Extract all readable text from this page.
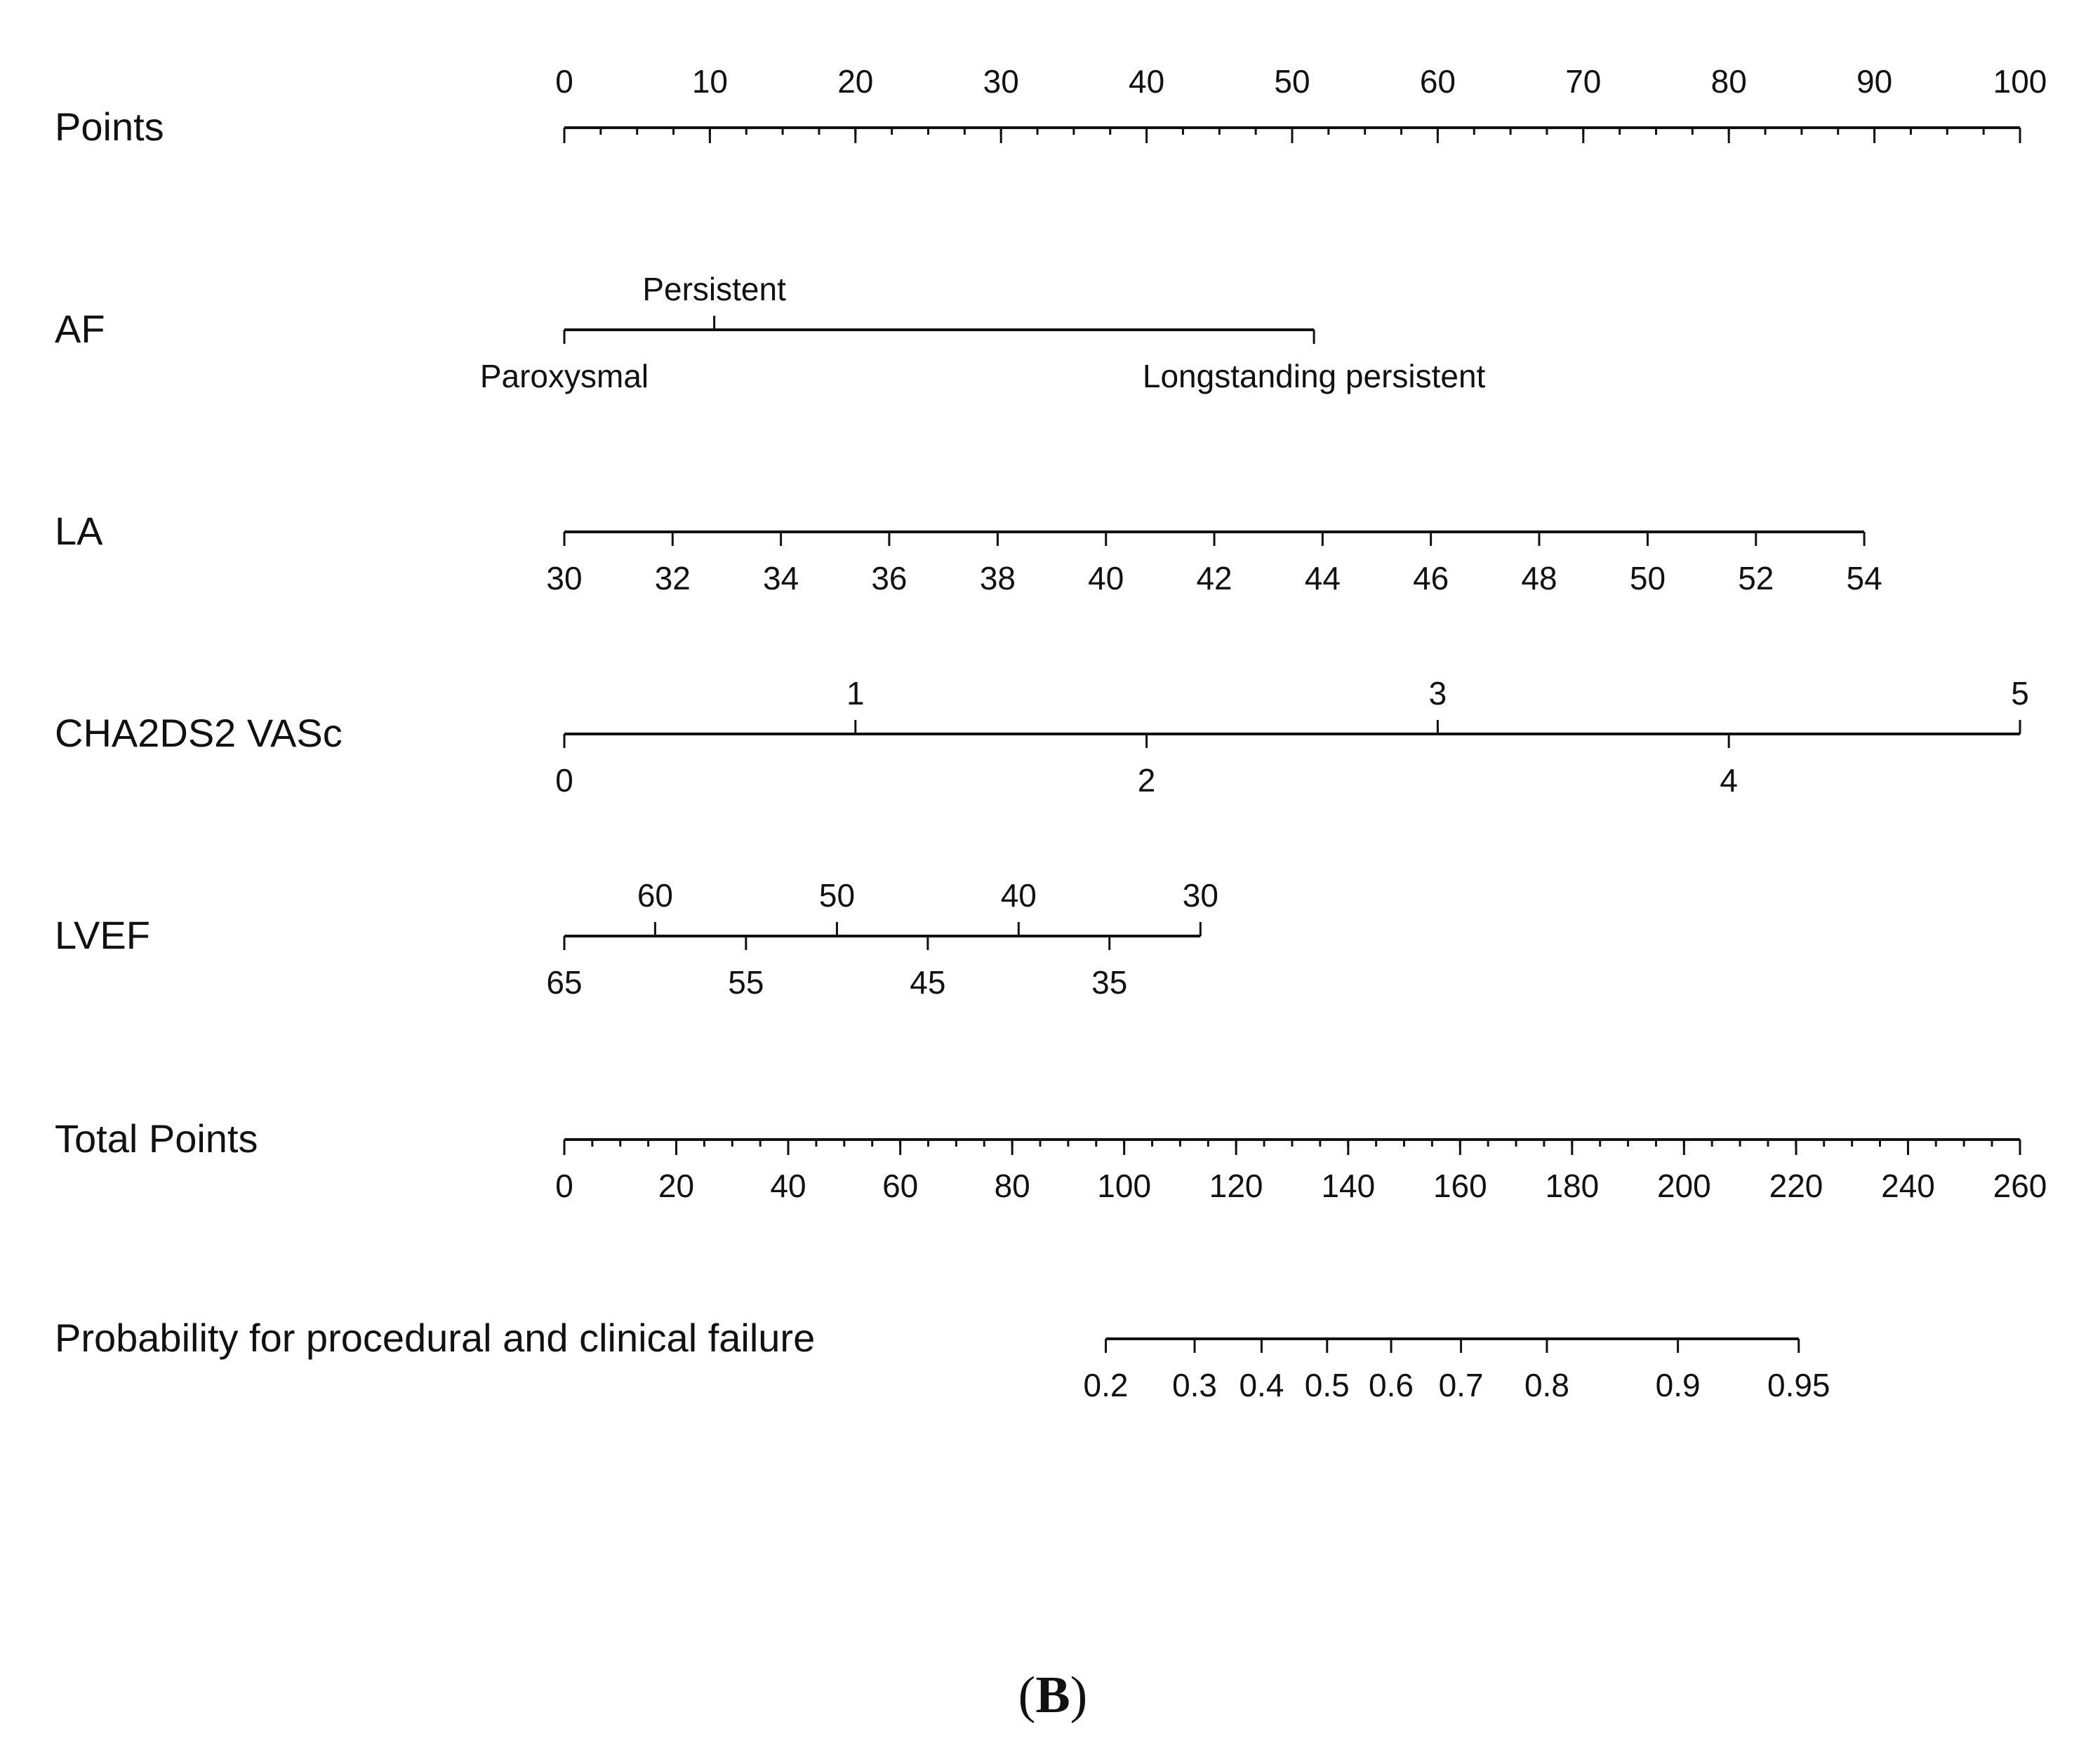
Points
0	10	20	30	40	50	60	70	80	90	100
AF
Paroxysmal
Persistent
Longstanding persistent
LA
30 32 34 36 38 40 42 44 46 48 50 52 54
CHA2DS2 VASc
0
1
2
3
4
5
LVEF
65
60
55
50
45
40
35
30
Total Points
0	20 40 60 80 100 120 140 160 180 200 220 240 260
Probability for procedural and clinical failure
0.2 0.3 0.4 0.5 0.6 0.7 0.8	0.9 0.95
(B)
